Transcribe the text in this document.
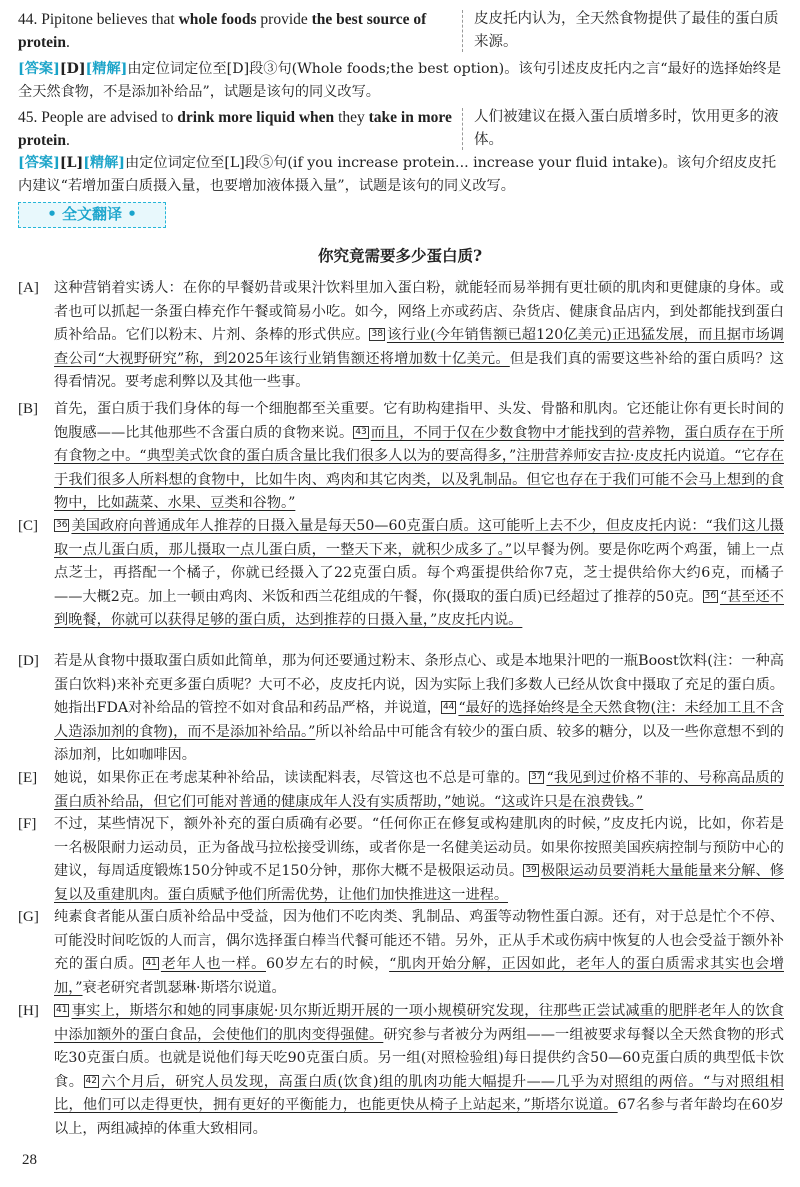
44. Pipitone believes that whole foods provide the best source of protein.
皮皮托内认为，全天然食物提供了最佳的蛋白质来源。
[答案][D][精解]由定位词定位至[D]段③句(Whole foods;the best option)。该句引述皮皮托内之言“最好的选择始终是全天然食物，不是添加补给品”，试题是该句的同义改写。
45. People are advised to drink more liquid when they take in more protein.
人们被建议在摄入蛋白质增多时，饮用更多的液体。
[答案][L][精解]由定位词定位至[L]段⑤句(if you increase protein... increase your fluid intake)。该句介绍皮皮托内建议“若增加蛋白质摄入量，也要增加液体摄入量”，试题是该句的同义改写。
• 全文翻译 •
你究竟需要多少蛋白质?
[A]	这种营销着实诱人：在你的早餐奶昔或果汁饮料里加入蛋白粉，就能轻而易举拥有更壮硕的肌肉和更健康的身体。或者也可以抓起一条蛋白棒充作午餐或简易小吃。如今，网络上亦或药店、杂货店、健康食品店内，到处都能找到蛋白质补给品。它们以粉末、片剂、条棒的形式供应。 38 该行业(今年销售额已超120亿美元)正迅猛发展，而且据市场调查公司“大视野研究”称，到2025年该行业销售额还将增加数十亿美元。但是我们真的需要这些补给的蛋白质吗？这得看情况。要考虑利弊以及其他一些事。
[B]	首先，蛋白质于我们身体的每一个细胞都至关重要。它有助构建指甲、头发、骨骼和肌肉。它还能让你有更长时间的饱腹感——比其他那些不含蛋白质的食物来说。 43 而且，不同于仅在少数食物中才能找到的营养物，蛋白质存在于所有食物之中。“典型美式饮食的蛋白质含量比我们很多人以为的要高得多，”注册营养师安吉拉·皮皮托内说道。“它存在于我们很多人所料想的食物中，比如牛肉、鸡肉和其它肉类，以及乳制品。但它也存在于我们可能不会马上想到的食物中，比如蔬菜、水果、豆类和谷物。”
[C]	36 美国政府向普通成年人推荐的日摄入量是每天50—60克蛋白质。这可能听上去不少，但皮皮托内说：“我们这儿摄取一点儿蛋白质，那儿摄取一点儿蛋白质，一整天下来，就积少成多了。”以早餐为例。要是你吃两个鸡蛋，铺上一点点芝士，再搭配一个橘子，你就已经摄入了22克蛋白质。每个鸡蛋提供给你7克，芝士提供给你大约6克，而橘子——大概2克。加上一顿由鸡肉、米饭和西兰花组成的午餐，你(摄取的蛋白质)已经超过了推荐的50克。 36 “甚至还不到晚餐，你就可以获得足够的蛋白质，达到推荐的日摄入量，”皮皮托内说。
[D]	若是从食物中摄取蛋白质如此简单，那为何还要通过粉末、条形点心、或是本地果汁吧的一瓶Boost饮料(注：一种高蛋白饮料)来补充更多蛋白质呢？大可不必，皮皮托内说，因为实际上我们多数人已经从饮食中摄取了充足的蛋白质。她指出FDA对补给品的管控不如对食品和药品严格，并说道， 44 “最好的选择始终是全天然食物(注：未经加工且不含人造添加剂的食物)，而不是添加补给品。”所以补给品中可能含有较少的蛋白质、较多的糖分，以及一些你意想不到的添加剂，比如咖啡因。
[E]	她说，如果你正在考虑某种补给品，读读配料表，尽管这也不总是可靠的。 37 “我见到过价格不菲的、号称高品质的蛋白质补给品，但它们可能对普通的健康成年人没有实质帮助，”她说。“这或许只是在浪费钱。”
[F]	不过，某些情况下，额外补充的蛋白质确有必要。“任何你正在修复或构建肌肉的时候，”皮皮托内说，比如，你若是一名极限耐力运动员，正为备战马拉松接受训练，或者你是一名健美运动员。如果你按照美国疾病控制与预防中心的建议，每周适度锻炼150分钟或不足150分钟，那你大概不是极限运动员。 39 极限运动员要消耗大量能量来分解、修复以及重建肌肉。蛋白质赋予他们所需优势，让他们加快推进这一进程。
[G]	纯素食者能从蛋白质补给品中受益，因为他们不吃肉类、乳制品、鸡蛋等动物性蛋白源。还有，对于总是忙个不停、可能没时间吃饭的人而言，偶尔选择蛋白棒当代餐可能还不错。另外，正从手术或伤病中恢复的人也会受益于额外补充的蛋白质。 41 老年人也一样。60岁左右的时候，“肌肉开始分解，正因如此，老年人的蛋白质需求其实也会增加，”衰老研究者凯瑟琳·斯塔尔说道。
[H]	41 事实上，斯塔尔和她的同事康妮·贝尔斯近期开展的一项小规模研究发现，往那些正尝试减重的肥胖老年人的饮食中添加额外的蛋白食品，会使他们的肌肉变得强健。研究参与者被分为两组——一组被要求每餐以全天然食物的形式吃30克蛋白质。也就是说他们每天吃90克蛋白质。另一组(对照检验组)每日提供约含50—60克蛋白质的典型低卡饮食。 42 六个月后，研究人员发现，高蛋白质(饮食)组的肌肉功能大幅提升——几乎为对照组的两倍。“与对照组相比，他们可以走得更快，拥有更好的平衡能力，也能更快从椅子上站起来，”斯塔尔说道。67名参与者年龄均在60岁以上，两组减掉的体重大致相同。
28
